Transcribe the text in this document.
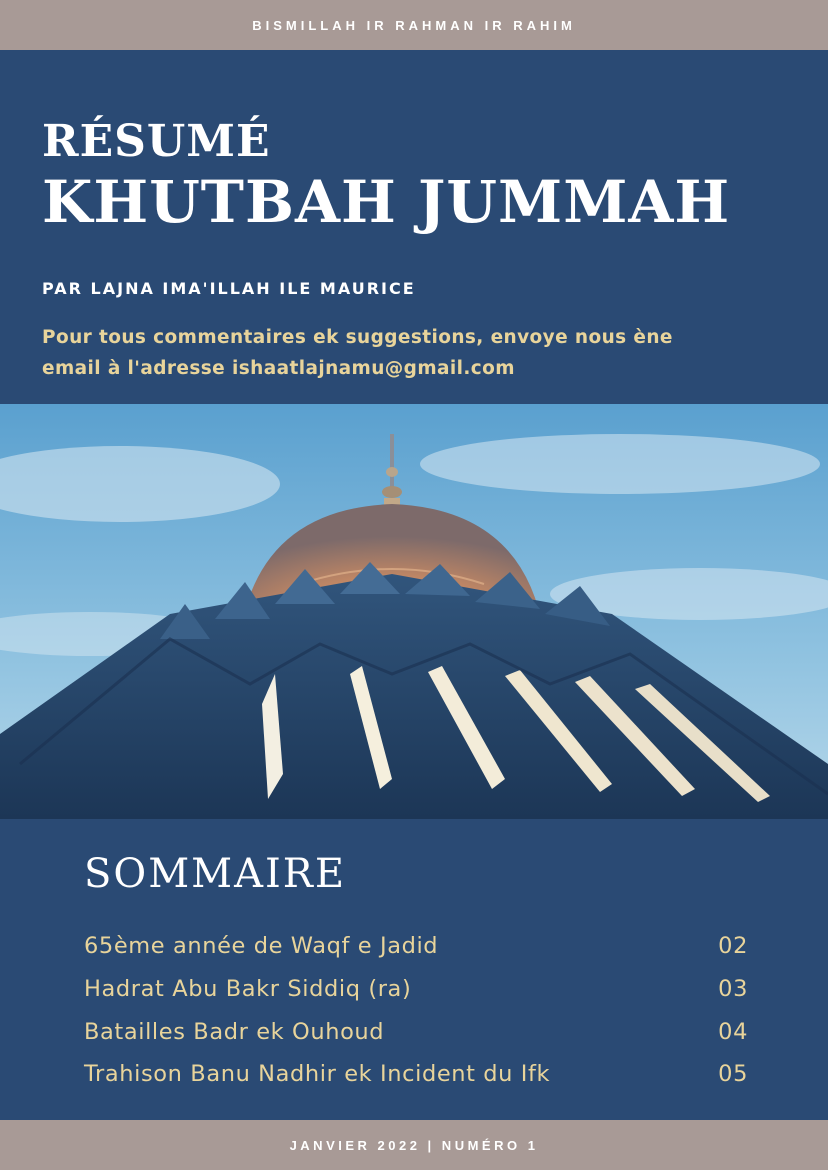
BISMILLAH IR RAHMAN IR RAHIM
RÉSUMÉ
KHUTBAH JUMMAH
PAR LAJNA IMA'ILLAH ILE MAURICE
Pour tous commentaires ek suggestions, envoye nous ène
email à l'adresse ishaatlajnamu@gmail.com
SOMMAIRE
65ème année de Waqf e Jadid	02
Hadrat Abu Bakr Siddiq (ra)	03
Batailles Badr ek Ouhoud	04
Trahison Banu Nadhir ek Incident du Ifk	05
JANVIER 2022 | NUMÉRO 1
